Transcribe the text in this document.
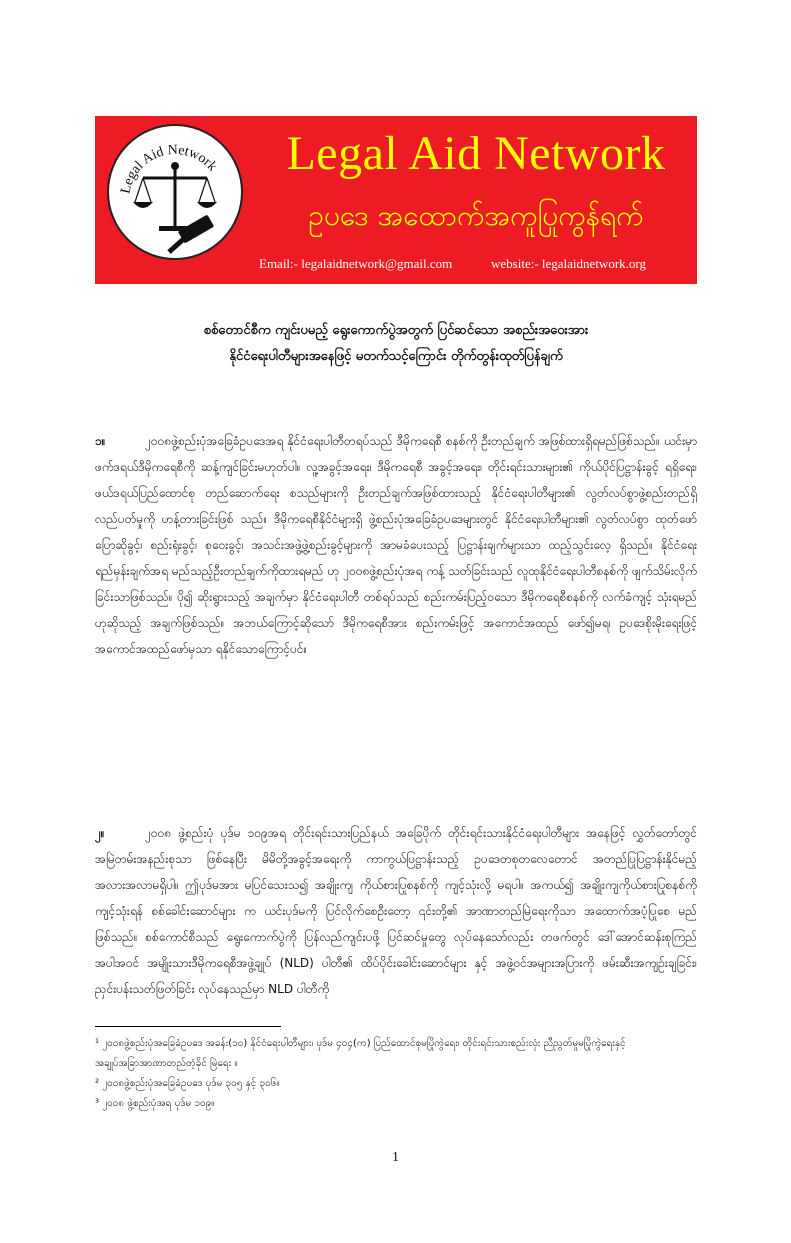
Legal Aid Network	Legal Aid Network
ဥပဒေ အထောက်အကူပြုကွန်ရက်
Email:- legalaidnetwork@gmail.com	website:- legalaidnetwork.org
စစ်တောင်စီက ကျင်းပမည့် ရွေးကောက်ပွဲအတွက် ပြင်ဆင်သော အစည်းအဝေးအား
နိုင်ငံရေးပါတီများအနေဖြင့် မတက်သင့်ကြောင်း တိုက်တွန်းထုတ်ပြန်ချက်
၁။	၂၀၀၈ဖွဲ့စည်းပုံအခြေခံဥပဒေအရ နိုင်ငံရေးပါတီတရပ်သည် ဒီမိုကရေစီ စနစ်ကို ဦးတည်ချက် အဖြစ်ထားရှိရမည်ဖြစ်သည်။ ယင်းမှာ ဖက်ဒရယ်ဒီမိုကရေစီကို ဆန့်ကျင်ခြင်းမဟုတ်ပါ။ လူ့အခွင့်အရေး၊ ဒီမိုကရေစီ အခွင့်အရေး၊ တိုင်းရင်းသားများ၏ ကိုယ်ပိုင်ပြဋ္ဌာန်းခွင့် ရရှိရေး၊ ဖယ်ဒရယ်ပြည်ထောင်စု တည်ဆောက်ရေး စသည်များကို ဦးတည်ချက်အဖြစ်ထားသည့် နိုင်ငံရေးပါတီများ၏ လွတ်လပ်စွာဖွဲ့စည်းတည်ရှိ လည်ပတ်မှုကို ဟန့်တားခြင်းဖြစ် သည်။ ဒီမိုကရေစီနိုင်ငံများရှိ ဖွဲ့စည်းပုံအခြေခံဥပဒေများတွင် နိုင်ငံရေးပါတီများ၏ လွတ်လပ်စွာ ထုတ်ဖော်ပြောဆိုခွင့်၊ စည်းရုံးခွင့်၊ စုဝေးခွင့်၊ အသင်းအဖွဲ့ဖွဲ့စည်းခွင့်များကို အာမခံပေးသည့် ပြဋ္ဌာန်းချက်များသာ ထည့်သွင်းလေ့ ရှိသည်။ နိုင်ငံရေး ရည်မှန်းချက်အရ မည်သည့်ဦးတည်ချက်ကိုထားရမည် ဟု ၂၀၀၈ဖွဲ့စည်းပုံအရ ကန့် သတ်ခြင်းသည် လူထုနိုင်ငံရေးပါတီစနစ်ကို ဖျက်သိမ်းလိုက် ခြင်းသာဖြစ်သည်။ ပို၍ ဆိုးရွားသည့် အချက်မှာ နိုင်ငံရေးပါတီ တစ်ရပ်သည် စည်းကမ်းပြည့်ဝသော ဒီမိုကရေစီစနစ်ကို လက်ခံကျင့် သုံးရမည်ဟုဆိုသည့် အချက်ဖြစ်သည်။ အဘယ်ကြောင့်ဆိုသော် ဒီမိုကရေစီအား စည်းကမ်းဖြင့် အကောင်အထည် ဖော်၍မရ၊ ဥပဒေစိုးမိုးရေးဖြင့် အကောင်အထည်ဖော်မှသာ ရနိုင်သောကြောင့်ပင်။
၂။	၂၀၀၈ ဖွဲ့စည်းပုံ ပုဒ်မ ၁၀၉အရ တိုင်းရင်းသားပြည်နယ် အခြေပိုက် တိုင်းရင်းသားနိုင်ငံရေးပါတီများ အနေဖြင့် လွှတ်တော်တွင် အမြဲတမ်းအနည်းစုသာ ဖြစ်နေပြီး မိမိတို့အခွင့်အရေးကို ကာကွယ်ပြဋ္ဌာန်းသည့် ဥပဒေတစုတလေတောင် အတည်ပြုပြဋ္ဌာန်းနိုင်မည့် အလားအလာမရှိပါ။ ဤပုဒ်မအား မပြင်သေးသ၍ အချိုးကျ ကိုယ်စားပြုစနစ်ကို ကျင့်သုံးလို့ မရပါ။ အကယ်၍ အချိုးကျကိုယ်စားပြုစနစ်ကို ကျင့်သုံးရန် စစ်ခေါင်းဆောင်များ က ယင်းပုဒ်မကို ပြင်လိုက်စေဦးတော့ ၎င်းတို့၏ အာဏာတည်မြဲရေးကိုသာ အထောက်အပံ့ပြုစေ မည်ဖြစ်သည်။ စစ်ကောင်စီသည် ရွေးကောက်ပွဲကို ပြန်လည်ကျင်းပဖို့ ပြင်ဆင်မှုတွေ လုပ်နေသော်လည်း တဖက်တွင် ဒေါ်အောင်ဆန်းစုကြည်အပါအဝင် အမျိုးသားဒီမိုကရေစီအဖွဲ့ချုပ် (NLD) ပါတီ၏ ထိပ်ပိုင်းခေါင်းဆောင်များ နှင့် အဖွဲ့ဝင်အများအပြားကို ဖမ်းဆီးအကျဉ်းချခြင်း၊ ညှင်းပန်းသတ်ဖြတ်ခြင်း လုပ်နေသည်မှာ NLD ပါတီကို

¹ ၂၀၀၈ဖွဲ့စည်းပုံအခြေခံဥပဒေ အခန်း(၁၀) နိုင်ငံရေးပါတီများ၊ ပုဒ်မ ၄၀၄(က) ပြည်ထောင်စုမပြိုကွဲရေး၊ တိုင်းရင်းသားစည်းလုံး ညီညွတ်မှုမပြိုကွဲရေးနှင့် အချုပ်အခြာအာဏာတည်တံ့ခိုင် မြဲရေး ။

² ၂၀၀၈ဖွဲ့စည်းပုံအခြေခံဥပဒေ ပုဒ်မ ၃၀၅ နှင့် ၃၀၆။

³ ၂၀၀၈ ဖွဲ့စည်းပုံအရ ပုဒ်မ ၁၀၉။

1
